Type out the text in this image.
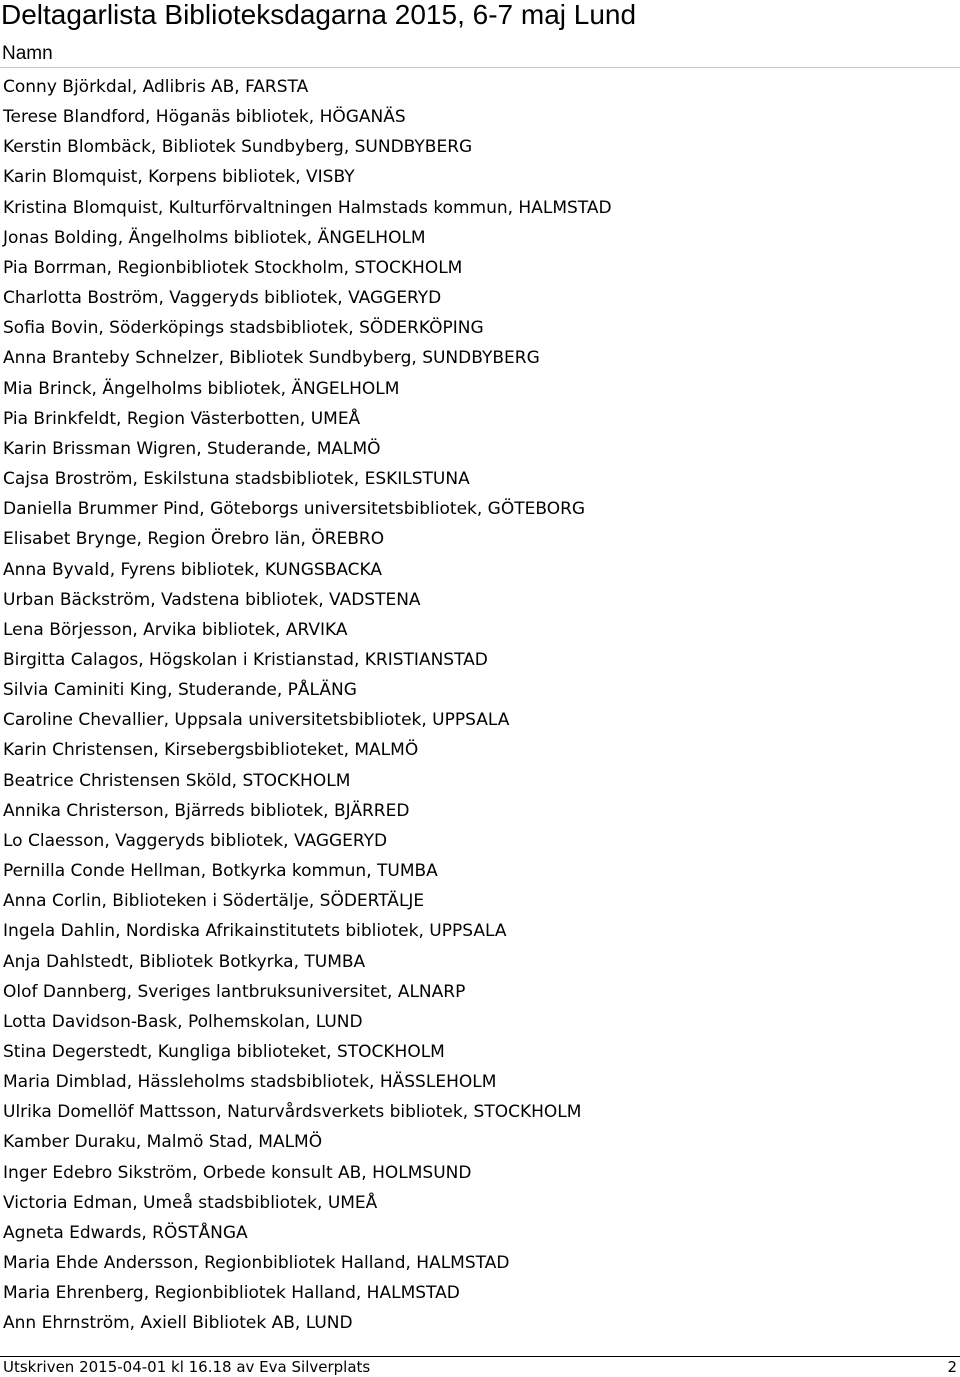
Deltagarlista Biblioteksdagarna 2015, 6-7 maj Lund
Namn
Conny Björkdal, Adlibris AB, FARSTA
Terese Blandford, Höganäs bibliotek, HÖGANÄS
Kerstin Blombäck, Bibliotek Sundbyberg, SUNDBYBERG
Karin Blomquist, Korpens bibliotek, VISBY
Kristina Blomquist, Kulturförvaltningen Halmstads kommun, HALMSTAD
Jonas Bolding, Ängelholms bibliotek, ÄNGELHOLM
Pia Borrman, Regionbibliotek Stockholm, STOCKHOLM
Charlotta Boström, Vaggeryds bibliotek, VAGGERYD
Sofia Bovin, Söderköpings stadsbibliotek, SÖDERKÖPING
Anna Branteby Schnelzer, Bibliotek Sundbyberg, SUNDBYBERG
Mia Brinck, Ängelholms bibliotek, ÄNGELHOLM
Pia Brinkfeldt, Region Västerbotten, UMEÅ
Karin Brissman Wigren, Studerande, MALMÖ
Cajsa Broström, Eskilstuna stadsbibliotek, ESKILSTUNA
Daniella Brummer Pind, Göteborgs universitetsbibliotek, GÖTEBORG
Elisabet Brynge, Region Örebro län, ÖREBRO
Anna Byvald, Fyrens bibliotek, KUNGSBACKA
Urban Bäckström, Vadstena bibliotek, VADSTENA
Lena Börjesson, Arvika bibliotek, ARVIKA
Birgitta Calagos, Högskolan i Kristianstad, KRISTIANSTAD
Silvia Caminiti King, Studerande, PÅLÄNG
Caroline Chevallier, Uppsala universitetsbibliotek, UPPSALA
Karin Christensen, Kirsebergsbiblioteket, MALMÖ
Beatrice Christensen Sköld, STOCKHOLM
Annika Christerson, Bjärreds bibliotek, BJÄRRED
Lo Claesson, Vaggeryds bibliotek, VAGGERYD
Pernilla Conde Hellman, Botkyrka kommun, TUMBA
Anna Corlin, Biblioteken i Södertälje, SÖDERTÄLJE
Ingela Dahlin, Nordiska Afrikainstitutets bibliotek, UPPSALA
Anja Dahlstedt, Bibliotek Botkyrka, TUMBA
Olof Dannberg, Sveriges lantbruksuniversitet, ALNARP
Lotta Davidson-Bask, Polhemskolan, LUND
Stina Degerstedt, Kungliga biblioteket, STOCKHOLM
Maria Dimblad, Hässleholms stadsbibliotek, HÄSSLEHOLM
Ulrika Domellöf Mattsson, Naturvårdsverkets bibliotek, STOCKHOLM
Kamber Duraku, Malmö Stad, MALMÖ
Inger Edebro Sikström, Orbede konsult AB, HOLMSUND
Victoria Edman, Umeå stadsbibliotek, UMEÅ
Agneta Edwards, RÖSTÅNGA
Maria Ehde Andersson, Regionbibliotek Halland, HALMSTAD
Maria Ehrenberg, Regionbibliotek Halland, HALMSTAD
Ann Ehrnström, Axiell Bibliotek AB, LUND
Utskriven 2015-04-01 kl 16.18 av Eva Silverplats	2
